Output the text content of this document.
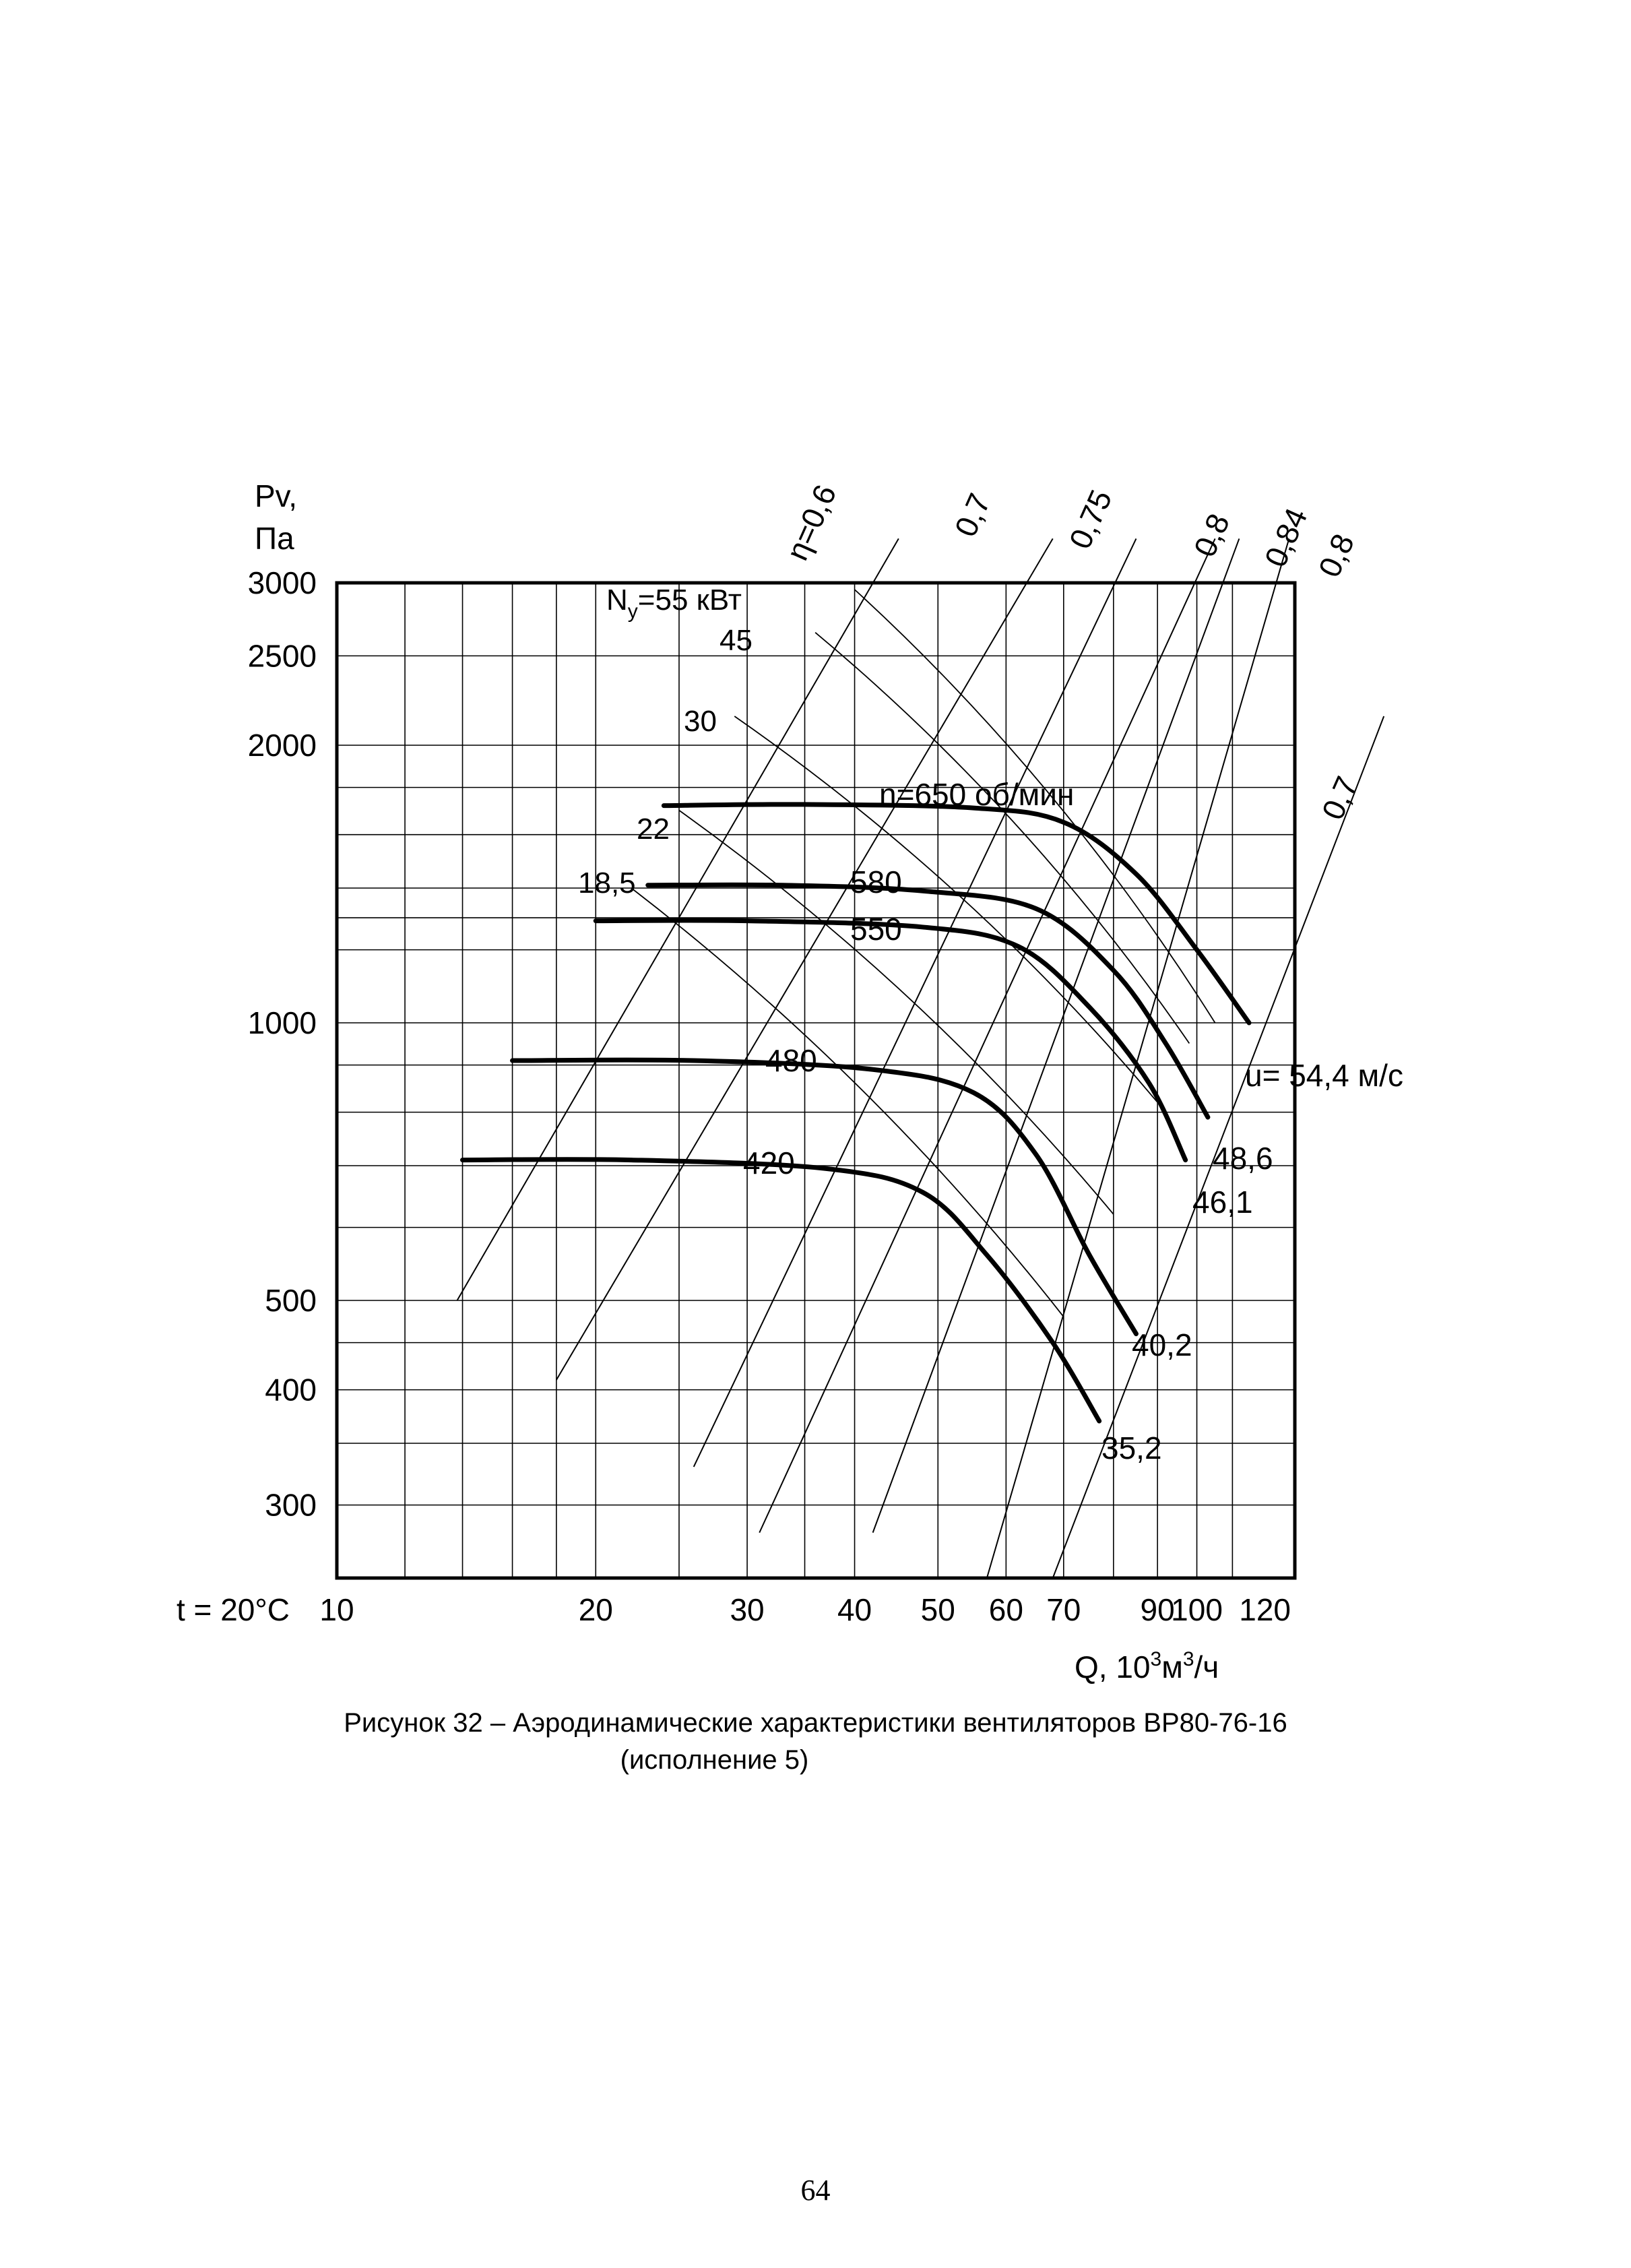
Pv,
Па
300
400
500
1000
2000
2500
3000
10	20	30 40 50 60 70 90
100 120
t = 20°C
Q, $10^3м^3/ч$
$N_y=55$ кВт
45
30
22
18,5
n=650 об/мин
580
550
480
420
u= 54,4 м/с
48,6
46,1
40,2
35,2
η=0,6	0,7 0,75 0,8 0,84
0,8
0,7
Рисунок 32 – Аэродинамические характеристики вентиляторов ВР80-76-16
(исполнение 5)
64
